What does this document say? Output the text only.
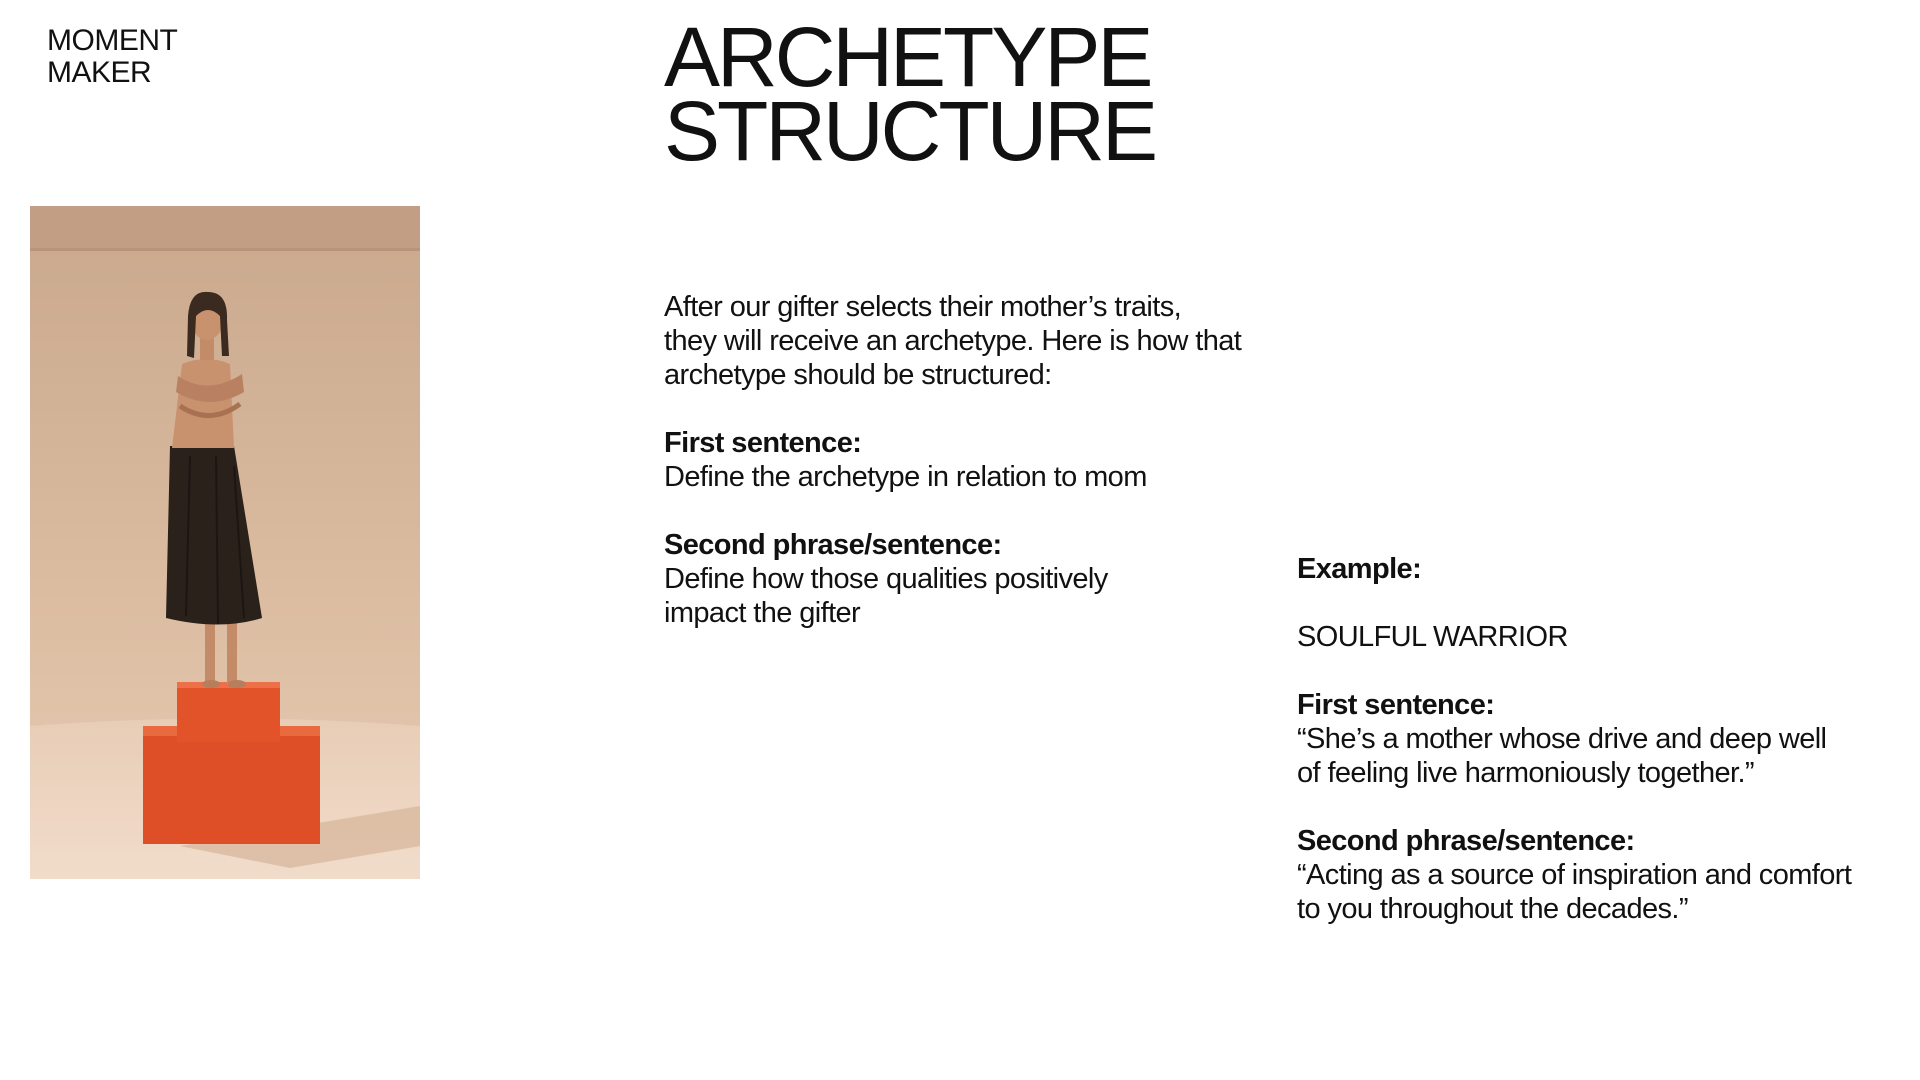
MOMENT
MAKER	ARCHETYPE
STRUCTURE
After our gifter selects their mother’s traits,
they will receive an archetype. Here is how that
archetype should be structured:
First sentence:
Define the archetype in relation to mom
Second phrase/sentence:
Define how those qualities positively
impact the gifter
Example:
SOULFUL WARRIOR
First sentence:
“She’s a mother whose drive and deep well
of feeling live harmoniously together.”
Second phrase/sentence:
“Acting as a source of inspiration and comfort
to you throughout the decades.”
